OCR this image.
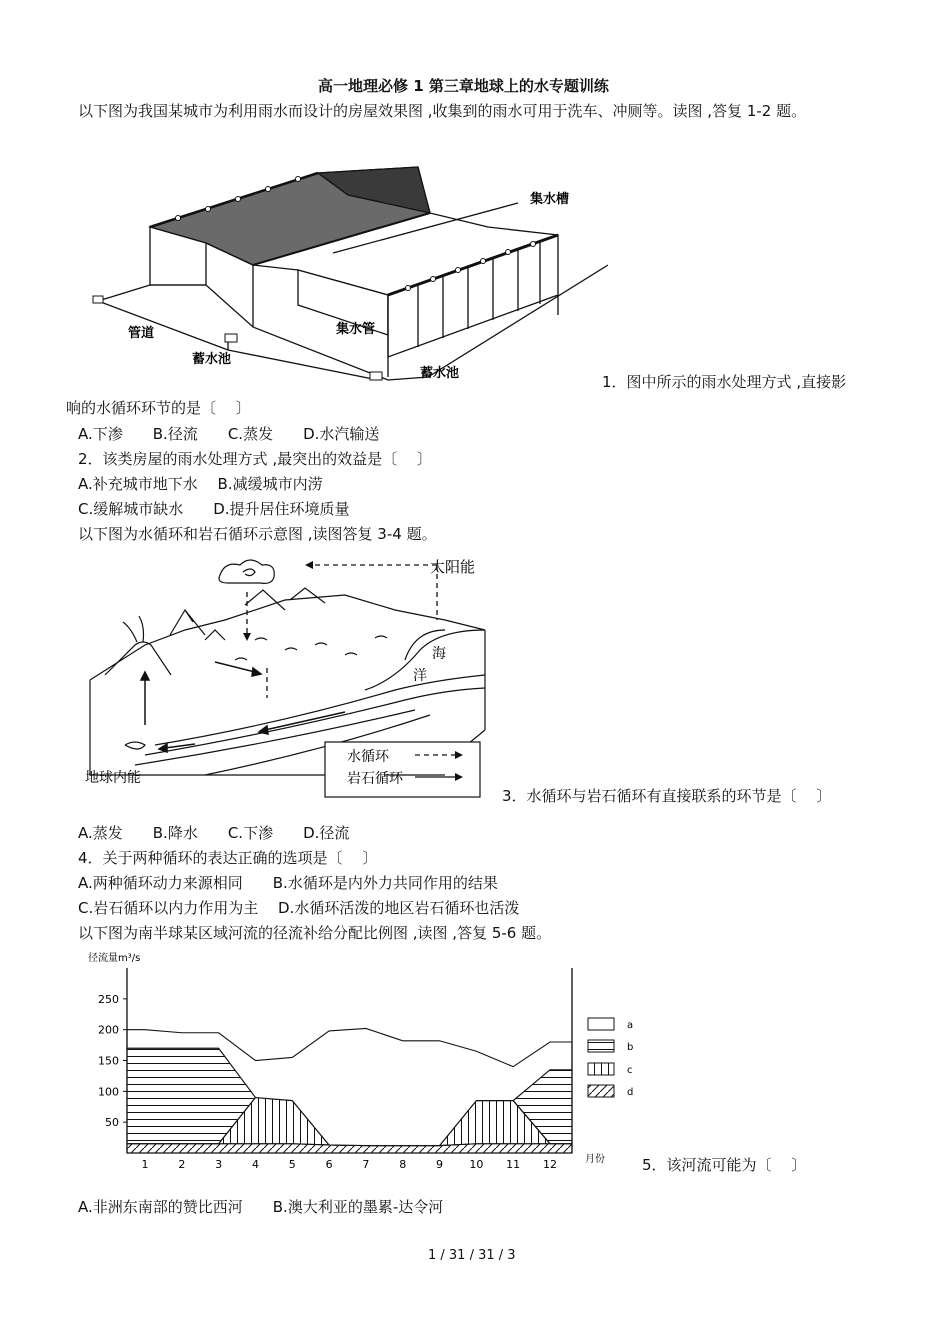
高一地理必修 1 第三章地球上的水专题训练
以下图为我国某城市为利用雨水而设计的房屋效果图 ,收集到的雨水可用于洗车、冲厕等。读图 ,答复 1-2 题。
集水槽
集水管
管道
蓄水池
蓄水池	1．图中所示的雨水处理方式 ,直接影
响的水循环环节的是〔　 〕
A.下渗　　B.径流　　C.蒸发　　D.水汽输送
2．该类房屋的雨水处理方式 ,最突出的效益是〔　 〕
A.补充城市地下水　 B.减缓城市内涝
C.缓解城市缺水　　D.提升居住环境质量
以下图为水循环和岩石循环示意图 ,读图答复 3-4 题。
太阳能
海
洋
水循环
岩石循环
地球内能
3．水循环与岩石循环有直接联系的环节是〔　 〕
A.蒸发　　B.降水　　C.下渗　　D.径流
4．关于两种循环的表达正确的选项是〔　 〕
A.两种循环动力来源相同　　B.水循环是内外力共同作用的结果
C.岩石循环以内力作用为主　 D.水循环活泼的地区岩石循环也活泼
以下图为南半球某区域河流的径流补给分配比例图 ,读图 ,答复 5-6 题。
径流量m³/s
月份
50
100
150
200
250
1	2	3	4	5	6	7	8	9 10 11 12
a
b
c
d
5．该河流可能为〔　 〕
A.非洲东南部的赞比西河　　B.澳大利亚的墨累-达令河
1 / 31 / 31 / 3
